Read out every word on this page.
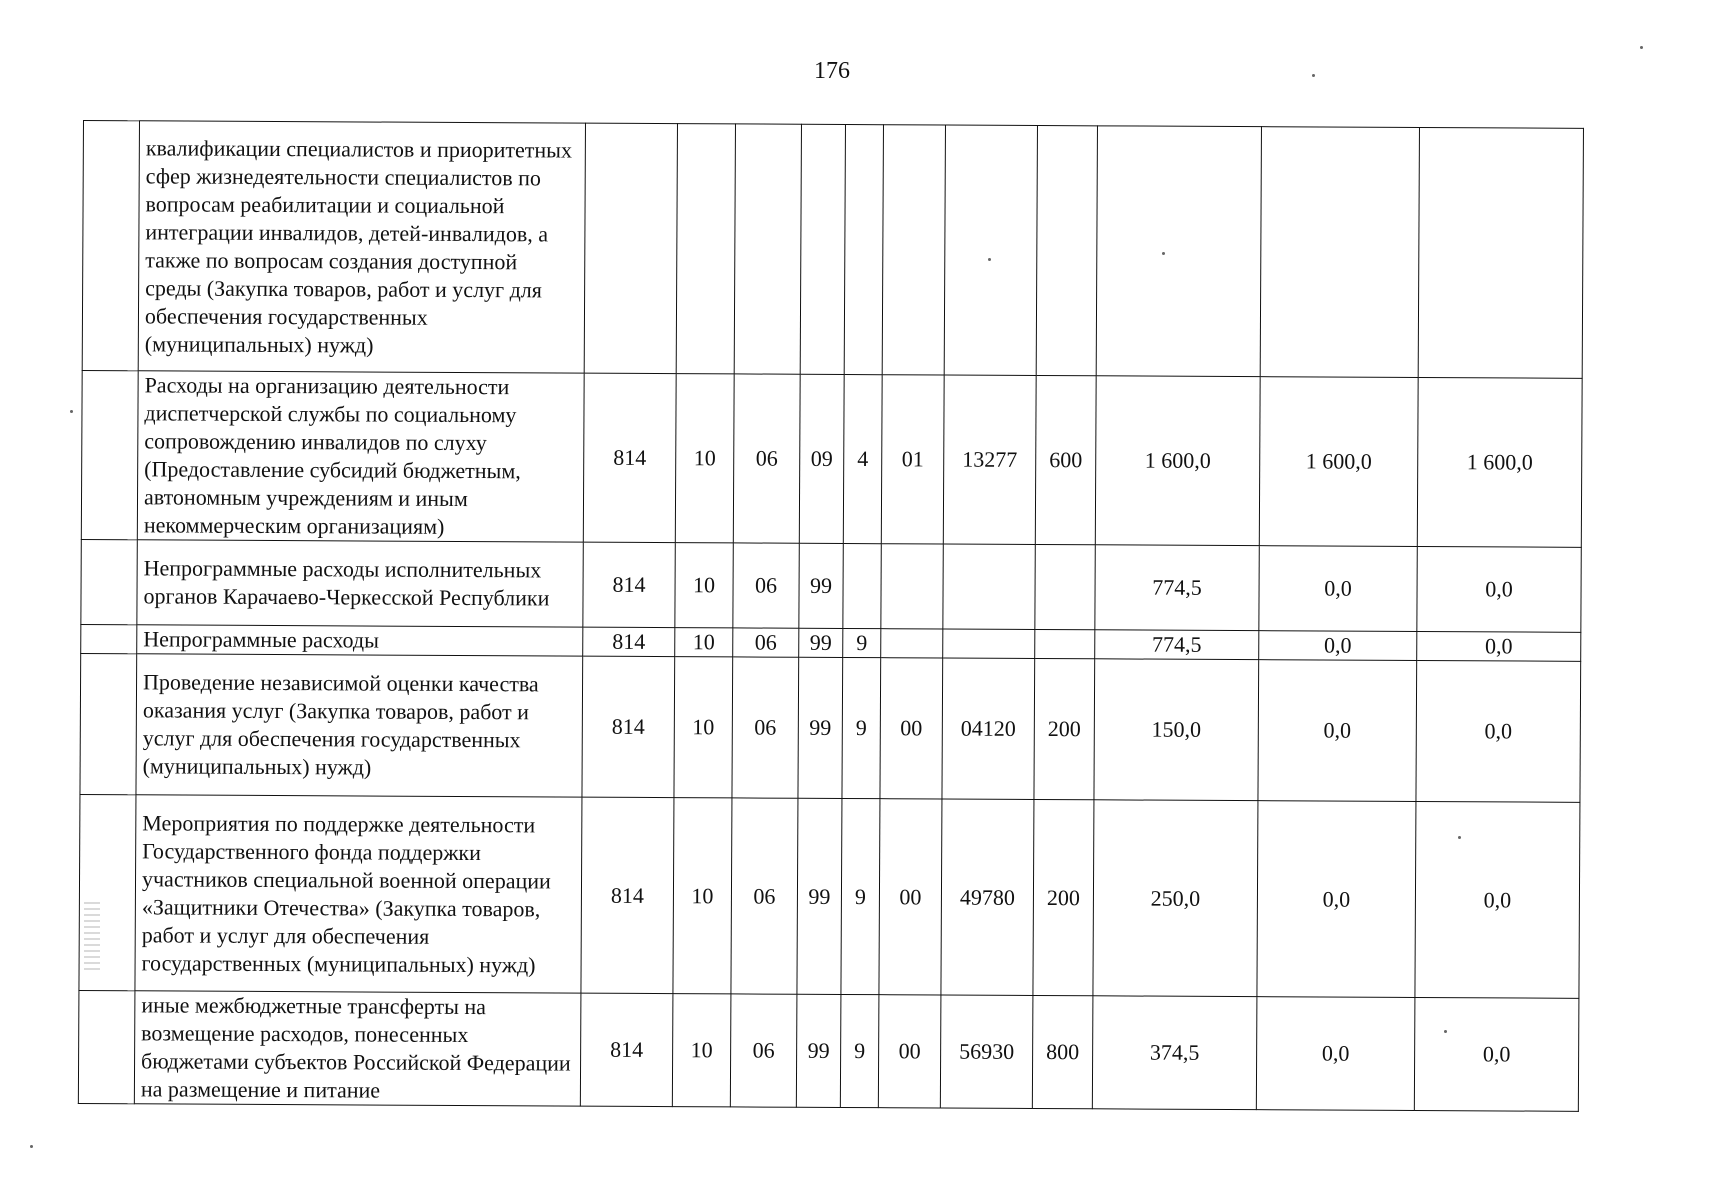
176
	квалификации специалистов и приоритетных сфер жизнедеятельности специалистов по вопросам реабилитации и социальной интеграции инвалидов, детей-инвалидов, а также по вопросам создания доступной среды (Закупка товаров, работ и услуг для обеспечения государственных (муниципальных) нужд)											
	Расходы на организацию деятельности диспетчерской службы по социальному сопровождению инвалидов по слуху (Предоставление субсидий бюджетным, автономным учреждениям и иным некоммерческим организациям)	814	10	06	09	4	01	13277	600	1 600,0	1 600,0	1 600,0
	Непрограммные расходы исполнительных органов Карачаево-Черкесской Республики	814	10	06	99					774,5	0,0	0,0
	Непрограммные расходы	814	10	06	99	9				774,5	0,0	0,0
	Проведение независимой оценки качества оказания услуг (Закупка товаров, работ и услуг для обеспечения государственных (муниципальных) нужд)	814	10	06	99	9	00	04120	200	150,0	0,0	0,0
	Мероприятия по поддержке деятельности Государственного фонда поддержки участников специальной военной операции «Защитники Отечества» (Закупка товаров, работ и услуг для обеспечения государственных (муниципальных) нужд)	814	10	06	99	9	00	49780	200	250,0	0,0	0,0
	иные межбюджетные трансферты на возмещение расходов, понесенных бюджетами субъектов Российской Федерации на размещение и питание	814	10	06	99	9	00	56930	800	374,5	0,0	0,0
